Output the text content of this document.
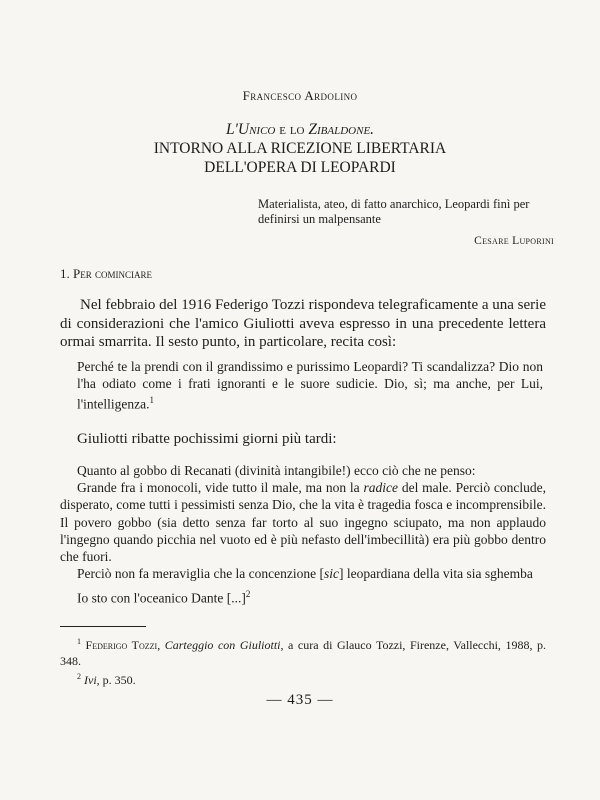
Francesco Ardolino
L'Unico e lo Zibaldone.
INTORNO ALLA RICEZIONE LIBERTARIA
DELL'OPERA DI LEOPARDI
Materialista, ateo, di fatto anarchico, Leopardi finì per definirsi un malpensante
Cesare Luporini
1. Per cominciare
Nel febbraio del 1916 Federigo Tozzi rispondeva telegraficamente a una serie di considerazioni che l'amico Giuliotti aveva espresso in una precedente lettera ormai smarrita. Il sesto punto, in particolare, recita così:
Perché te la prendi con il grandissimo e purissimo Leopardi? Ti scandalizza? Dio non l'ha odiato come i frati ignoranti e le suore sudicie. Dio, sì; ma anche, per Lui, l'intelligenza.$^1$
Giuliotti ribatte pochissimi giorni più tardi:

Quanto al gobbo di Recanati (divinità intangibile!) ecco ciò che ne penso:

Grande fra i monocoli, vide tutto il male, ma non la radice del male. Perciò conclude, disperato, come tutti i pessimisti senza Dio, che la vita è tragedia fosca e incomprensibile. Il povero gobbo (sia detto senza far torto al suo ingegno sciupato, ma non applaudo l'ingegno quando picchia nel vuoto ed è più nefasto dell'imbecillità) era più gobbo dentro che fuori.

Perciò non fa meraviglia che la concenzione [sic] leopardiana della vita sia sghemba

Io sto con l'oceanico Dante [...]$^2$

$^1$ Federigo Tozzi, Carteggio con Giuliotti, a cura di Glauco Tozzi, Firenze, Vallecchi, 1988, p. 348.

$^2$ Ivi, p. 350.

— 435 —
